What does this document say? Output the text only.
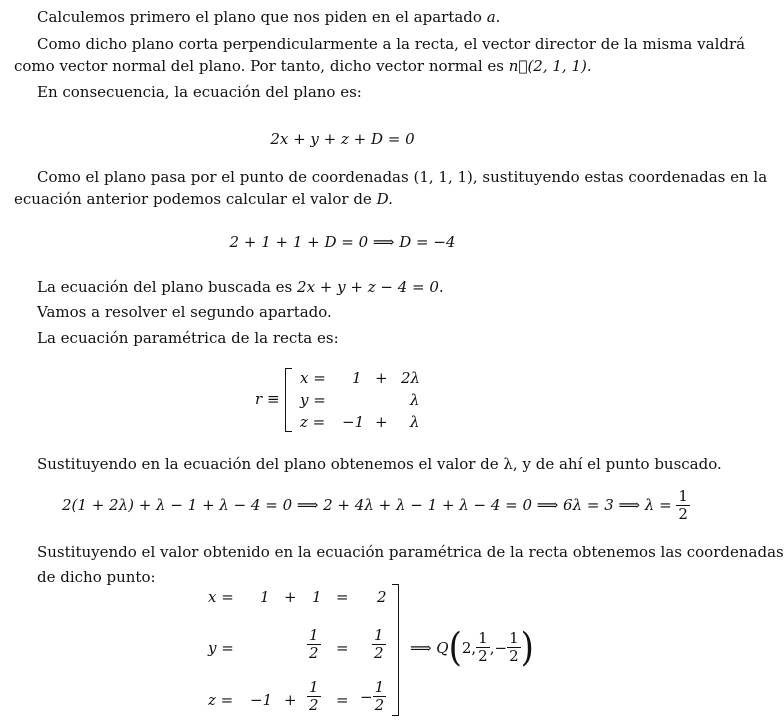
Calculemos primero el plano que nos piden en el apartado a.
Como dicho plano corta perpendicularmente a la recta, el vector director de la misma valdrá
como vector normal del plano. Por tanto, dicho vector normal es n⃗(2, 1, 1).
En consecuencia, la ecuación del plano es:
2x + y + z + D = 0
Como el plano pasa por el punto de coordenadas (1, 1, 1), sustituyendo estas coordenadas en la
ecuación anterior podemos calcular el valor de D.
2 + 1 + 1 + D = 0 ⟹ D = −4
La ecuación del plano buscada es 2x + y + z − 4 = 0.
Vamos a resolver el segundo apartado.
La ecuación paramétrica de la recta es:
r ≡
x = 1 + 2λ
y =	λ
z = −1 + λ
Sustituyendo en la ecuación del plano obtenemos el valor de λ, y de ahí el punto buscado.
2(1 + 2λ) + λ − 1 + λ − 4 = 0 ⟹ 2 + 4λ + λ − 1 + λ − 4 = 0 ⟹ 6λ = 3 ⟹ $\lambda = \frac{1}{2}$
Sustituyendo el valor obtenido en la ecuación paramétrica de la recta obtenemos las coordenadas
de dicho punto:
x = 1 + 1 = 2
y =	$\frac{1}{2} = \frac{1}{2}$
$z = -1 + \frac{1}{2}$ = − $\frac{1}{2}$
⟹ Q(2, $\frac{1}{2}$ ,− $\frac{1}{2}$ )
